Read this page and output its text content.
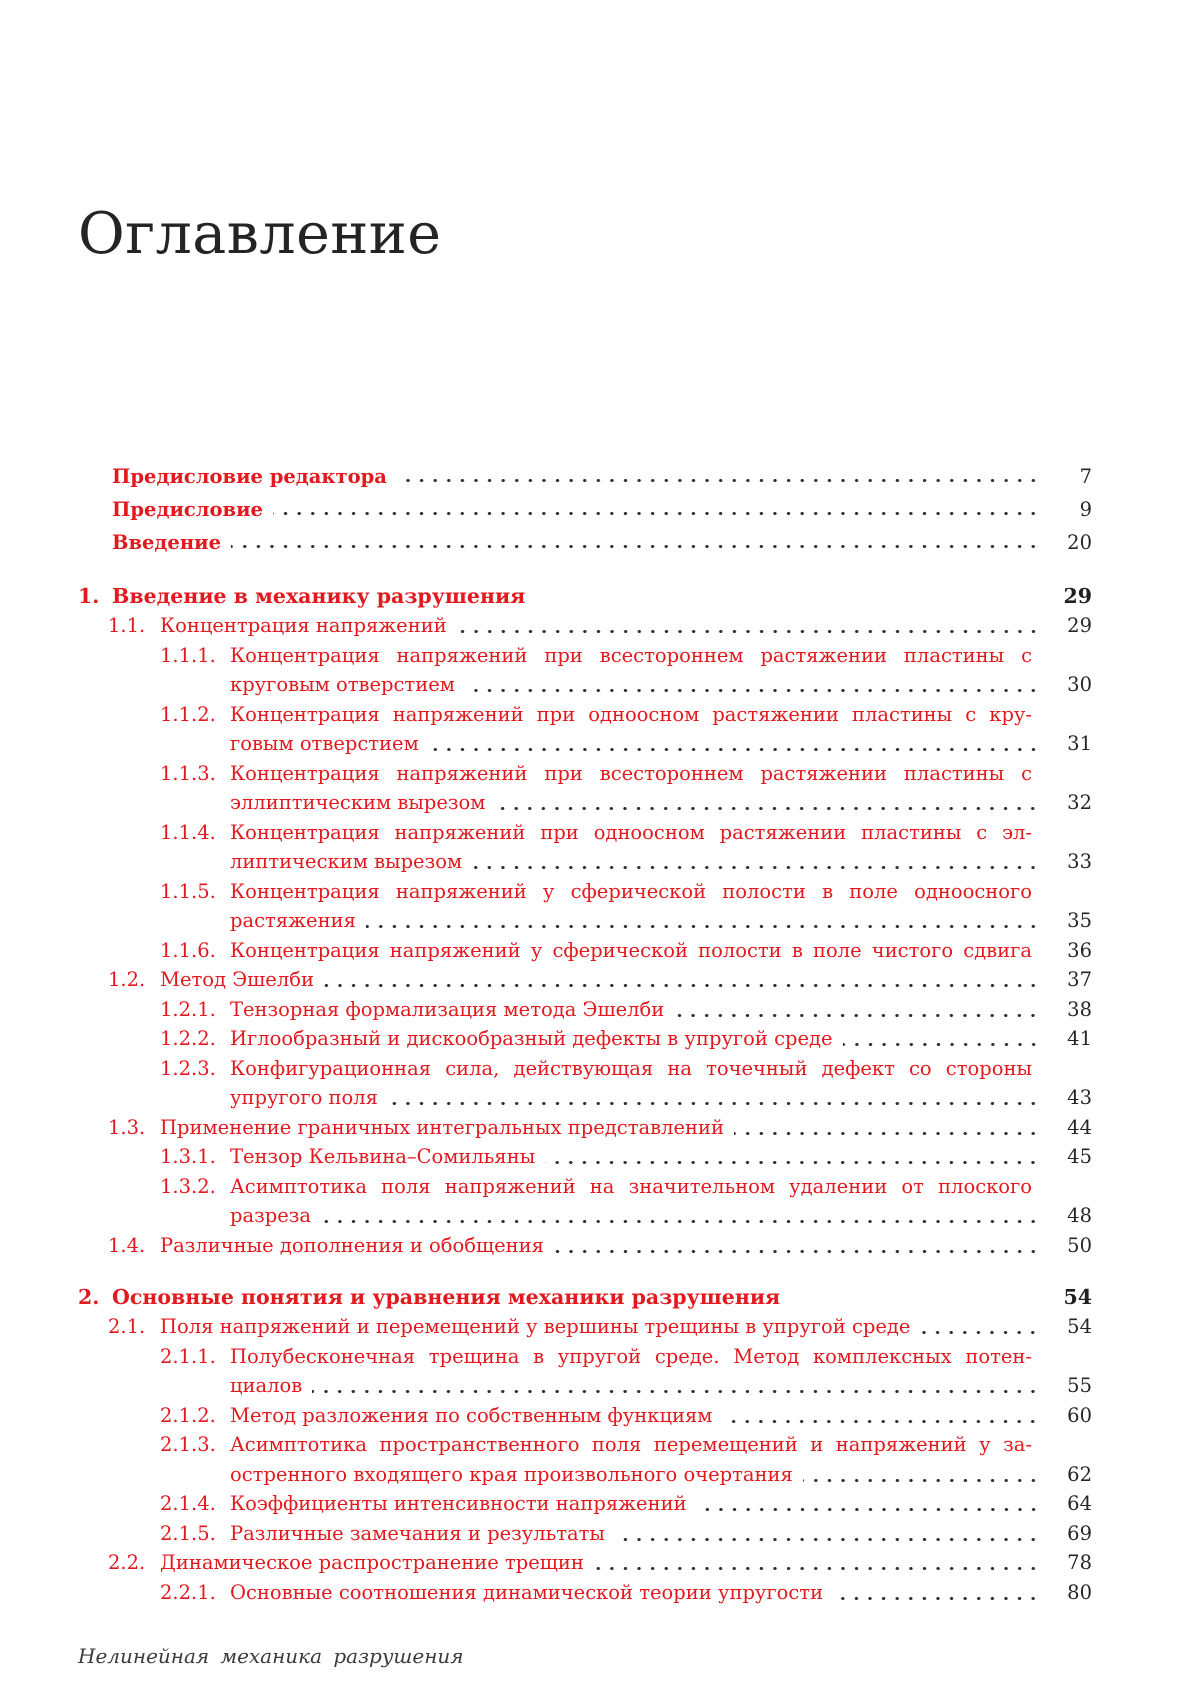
Оглавление
Предисловие редактора	7
Предисловие	9
Введение	20
1. Введение в механику разрушения	29
1.1. Концентрация напряжений	29
1.1.1. Концентрация напряжений при всестороннем растяжении пластины с
круговым отверстием	30
1.1.2. Концентрация напряжений при одноосном растяжении пластины с кру-
говым отверстием	31
1.1.3. Концентрация напряжений при всестороннем растяжении пластины с
эллиптическим вырезом	32
1.1.4. Концентрация напряжений при одноосном растяжении пластины с эл-
липтическим вырезом	33
1.1.5. Концентрация напряжений у сферической полости в поле одноосного
растяжения	35
1.1.6. Концентрация напряжений у сферической полости в поле чистого сдвига	36
1.2. Метод Эшелби	37
1.2.1. Тензорная формализация метода Эшелби	38
1.2.2. Иглообразный и дискообразный дефекты в упругой среде	41
1.2.3. Конфигурационная сила, действующая на точечный дефект со стороны
упругого поля	43
1.3. Применение граничных интегральных представлений	44
1.3.1. Тензор Кельвина–Сомильяны	45
1.3.2. Асимптотика поля напряжений на значительном удалении от плоского
разреза	48
1.4. Различные дополнения и обобщения	50
2. Основные понятия и уравнения механики разрушения	54
2.1. Поля напряжений и перемещений у вершины трещины в упругой среде	54
2.1.1. Полубесконечная трещина в упругой среде. Метод комплексных потен-
циалов	55
2.1.2. Метод разложения по собственным функциям	60
2.1.3. Асимптотика пространственного поля перемещений и напряжений у за-
остренного входящего края произвольного очертания	62
2.1.4. Коэффициенты интенсивности напряжений	64
2.1.5. Различные замечания и результаты	69
2.2. Динамическое распространение трещин	78
2.2.1. Основные соотношения динамической теории упругости	80
Нелинейная механика разрушения
